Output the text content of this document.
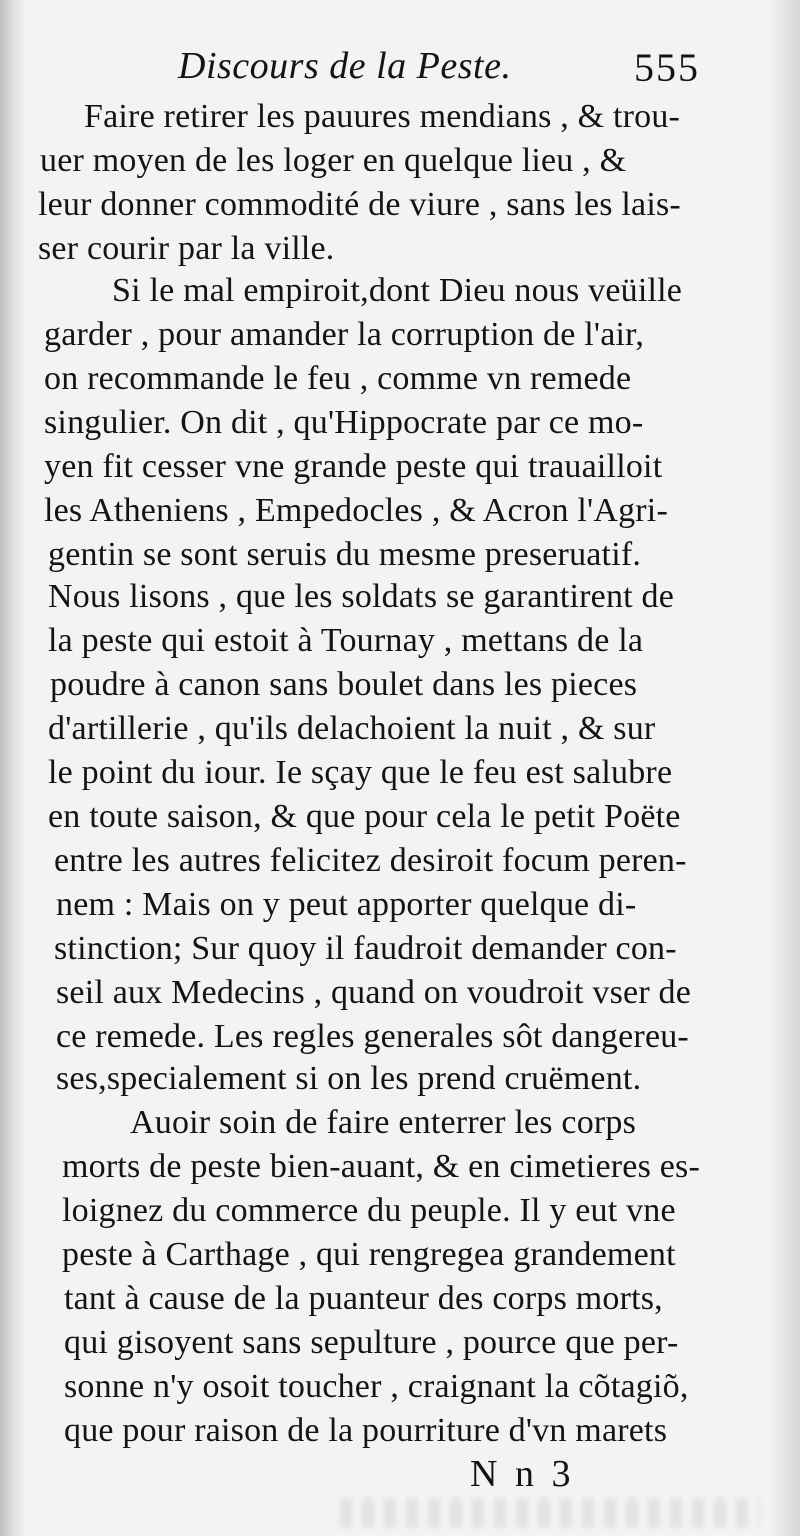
Discours de la Peste.	555
Faire retirer les pauures mendians , & trou-
uer moyen de les loger en quelque lieu , &
leur donner commodité de viure , sans les lais-
ser courir par la ville.
Si le mal empiroit,dont Dieu nous veüille
garder , pour amander la corruption de l'air,
on recommande le feu , comme vn remede
singulier. On dit , qu'Hippocrate par ce mo-
yen fit cesser vne grande peste qui trauailloit
les Atheniens , Empedocles , & Acron l'Agri-
gentin se sont seruis du mesme preseruatif.
Nous lisons , que les soldats se garantirent de
la peste qui estoit à Tournay , mettans de la
poudre à canon sans boulet dans les pieces
d'artillerie , qu'ils delachoient la nuit , & sur
le point du iour. Ie sçay que le feu est salubre
en toute saison, & que pour cela le petit Poëte
entre les autres felicitez desiroit focum peren-
nem : Mais on y peut apporter quelque di-
stinction; Sur quoy il faudroit demander con-
seil aux Medecins , quand on voudroit vser de
ce remede. Les regles generales sôt dangereu-
ses,specialement si on les prend cruëment.
Auoir soin de faire enterrer les corps
morts de peste bien-auant, & en cimetieres es-
loignez du commerce du peuple. Il y eut vne
peste à Carthage , qui rengregea grandement
tant à cause de la puanteur des corps morts,
qui gisoyent sans sepulture , pource que per-
sonne n'y osoit toucher , craignant la cõtagiõ,
que pour raison de la pourriture d'vn marets
N n 3
